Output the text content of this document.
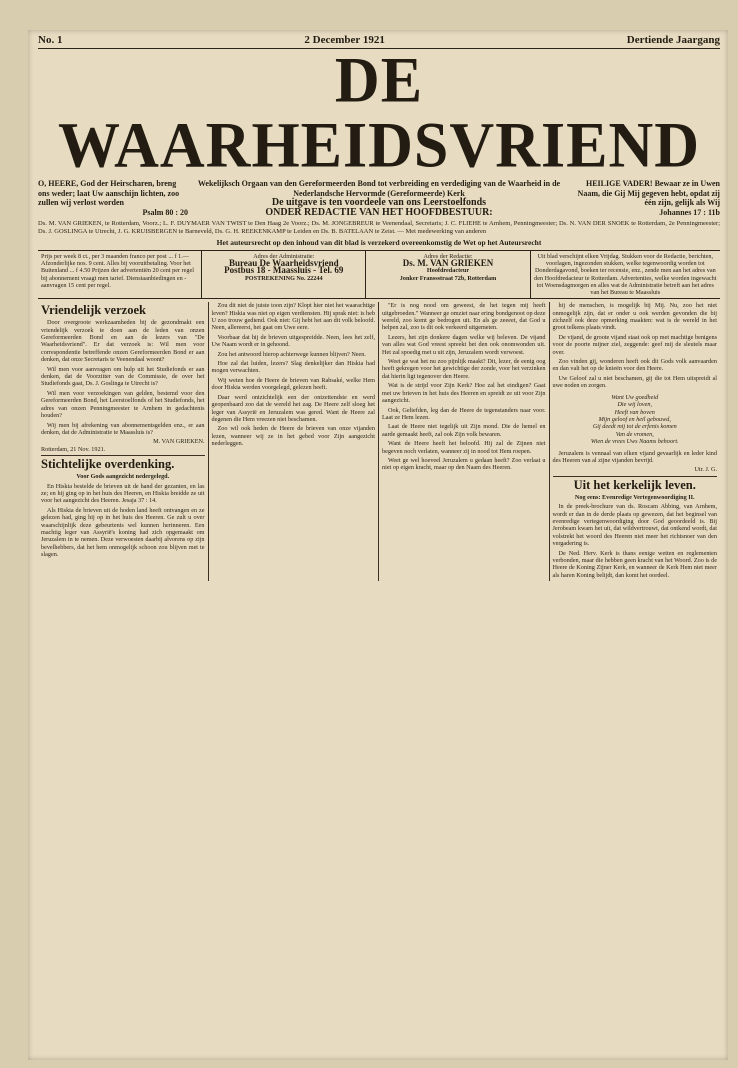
No. 1	2 December 1921	Dertiende Jaargang
DE WAARHEIDSVRIEND
O, HEERE, God der Heirscharen, breng ons weder; laat Uw aanschijn lichten, zoo zullen wij verlost worden
Psalm 80 : 20
Wekelijksch Orgaan van den Gereformeerden Bond tot verbreiding en verdediging van de Waarheid in de Nederlandsche Hervormde (Gereformeerde) Kerk
De uitgave is ten voordeele van ons Leerstoelfonds
ONDER REDACTIE VAN HET HOOFDBESTUUR:
HEILIGE VADER! Bewaar ze in Uwen Naam, die Gij Mij gegeven hebt, opdat zij één zijn, gelijk als Wij
Johannes 17 : 11b
Ds. M. VAN GRIEKEN, te Rotterdam, Voorz.; L. F. DUYMAER VAN TWIST te Den Haag 2e Voorz.; Ds. M. JONGEBREUR te Veenendaal, Secretaris; J. C. FLIEHE te Arnhem, Penningmeester; Ds. N. VAN DER SNOEK te Rotterdam, 2e Penningmeester; Ds. J. GOSLINGA te Utrecht, J. G. KRUISBERGEN te Barneveld, Ds. G. H. REEKENKAMP te Leiden en Ds. B. BATELAAN te Zeist. — Met medewerking van anderen
Het auteursrecht op den inhoud van dit blad is verzekerd overeenkomstig de Wet op het Auteursrecht
Prijs per week 8 ct., per 3 maanden franco per post ... f 1.— Afzonderlijke nos. 9 cent. Alles bij vooruitbetaling. Voor het Buitenland ... f 4.50 Prijzen der advertentiën 20 cent per regel bij abonnement vraagt men tarief. Dienstaanbiedingen en -aanvragen 15 cent per regel.
Adres der Administratie:
Bureau De Waarheidsvriend
Postbus 18 - Maassluis - Tel. 69
POSTREKENING No. 22244
Adres der Redactie:
Ds. M. VAN GRIEKEN
Hoofdredacteur
Jonker Franssstraat 72b, Rotterdam
Uit blad verschijnt elken Vrijdag. Stukken voor de Redactie, berichten, voorlagen, ingezonden stukken, welke tegenwoordig worden tot Donderdagavond, boeken ter recensie, enz., zende men aan het adres van den Hoofdredacteur te Rotterdam. Advertenties, welke worden ingewacht tot Woensdagmorgen en alles wat de Administratie betreft aan het adres van het Bureau te Maassluis
Vriendelijk verzoek

Door overgroote werkzaamheden bij de gezondmakt een vriendelijk verzoek te doen aan de leden van onzen Gereformeerden Bond en aan de lezers van "De Waarheidsvriend". Er dat verzoek is: Wil men voor correspondentie betreffende onzen Gereformeerden Bond er aan denken, dat onze Secretaris te Veenendaal woont?

Wil men voor aanvragen om hulp uit het Studiefonds er aan denken, dat de Voorzitter van de Commissie, de over het Studiefonds gaat, Ds. J. Goslinga te Utrecht is?

Wil men voor verzoekingen van gelden, bestemd voor den Gereformeerden Bond, het Leerstoelfonds of het Studiefonds, het adres van onzen Penningmeester te Arnhem in gedachtenis houden?

Wij men bij afrekening van abonnementsgelden enz., er aan denken, dat de Administratie te Maassluis is?

M. VAN GRIEKEN.
Rotterdam, 21 Nov. 1921.
Stichtelijke overdenking.
Voor Gods aangezicht nedergelegd.

En Hiskia bestelde de brieven uit de hand der gezanten, en las ze; en hij ging op in het huis des Heeren, en Hiskia breidde ze uit voor het aangezicht des Heeren. Jesaja 37 : 14.

Als Hiskia de brieven uit de hoden land heeft ontvangen en ze gelezen had, ging hij op in het huis des Heeren. Ge zult u over waarschijnlijk deze gebeurtenis wel kunnen herinneren. Een machtig leger van Assyrië's koning had zich opgemaakt om Jeruzalem in te nemen. Deze verwoesten daarbij alvorens op zijn bevelhebbers, dat het hem onmogelijk schoon zou blijven met te slagen.

Zou dit niet de juiste toon zijn? Klopt hier niet het waarachtige leven? Hiskia was niet op eigen verdiensten. Hij sprak niet: is heb U zoo trouw gediend. Ook niet: Gij hebt het aan dit volk beloofd. Neen, allereerst, het gaat om Uwe eere.

Voorbaar dat hij de brieven uitgespreidde. Neen, lees het zelf, Uw Naam wordt er in gehoond.

Zou het antwoord hierop achterwege kunnen blijven? Neen.

Hoe zal dat luiden, lezers? Slag denkelijker dan Hiskia had mogen verwachten.

Wij weten hoe de Heere de brieven van Rabsaké, welke Hem door Hiskia werden voorgelegd, gelezen heeft.

Daar werd ontzichtelijk een der ontzettendste en werd geopenbaard zoo dat de wereld het zag. De Heere zelf sloeg het leger van Assyrië en Jeruzalem was gered. Want de Heere zal degenen die Hem vreezen niet beschamen.

Zoo wil ook heden de Heere de brieven van onze vijanden lezen, wanneer wij ze in het gebed voor Zijn aangezicht nederleggen.

"Er is nog nood om geweest, de het tegen mij heeft uitgebroeden." Wanneer ge omziet naar ering bondgenoot op deze wereld, zoo komt ge bedrogen uit. En als ge zeeeet, dat God u helpen zal, zoo is dit ook verkeerd uitgemeten.

Lezers, het zijn donkere dagen welke wij beleven. De vijand van alles wat God vreest spreekt het den ook onomwonden uit. Het zal spoedig met u uit zijn, Jeruzalem wordt verwoest.

Weet ge wat het nu zoo pijnlijk maakt? Dit, lezer, de eenig oog heeft gekregen voor het gewichtige der zonde, voor het verzinken dat hierin ligt tegenover den Heere.

Wat is de strijd voor Zijn Kerk? Hoe zal het eindigen? Gaat met uw brieven in het huis des Heeren en spreidt ze uit voor Zijn aangezicht.

Ook, Geliefden, leg dan de Heere de tegenstanders naar voor. Laat ze Hem lezen.

Laat de Heere niet tegelijk uit Zijn mond. Die de hemel en aarde gemaakt heeft, zal ook Zijn volk bewaren.

Want de Heere heeft het beloofd. Hij zal de Zijnen niet begeven noch verlaten, wanneer zij in nood tot Hem roepen.

Weet ge wel hoeveel Jeruzalem u gedaan heeft? Zoo verlaat u niet op eigen kracht, maar op den Naam des Heeren.

hij de menschen, is mogelijk bij Mij. Nu, zoo het niet onmogelijk zijn, dat er onder u ook werden gevonden die bij zichzelf ook deze opmerking maakten: wat is de wereld in het groot telkens plaats vindt.

De vijand, de groote vijand staat ook op met machtige benigens voor de poorte mijner ziel, zeggende: geef mij de sleutels maar over.

Zoo vinden gij, wonderen heeft ook dit Gods volk aanvaarden en dan valt het op de knieën voor den Heere.

Uw Geloof zal u niet beschamen, gij die tot Hem uitspreidt al uwe noden en zorgen.

Want Uw goedheid
Die wij loven,
Heeft van boven
Mijn geloof en heil gebouwd,
Gij deedt mij tot de erfenis komen
Van de vromen,
Wien de vrees Uws Naams behoort.

Jeruzalem is vennaal van elken vijand gevaarlijk en leder kind des Heeren van al zijne vijanden bevrijd.

Utr. J. G.
Uit het kerkelijk leven.
Nog eens: Evenredige Vertegenwoordiging II.

In de preek-brochure van ds. Roscam Abbing, van Arnhem, wordt er dan in de derde plaats op gewezen, dat het beginsel van evenredige vertegenwoordiging door God geoordeeld is. Bij Jerobeam kwam het uit, dat wildvertrouwt, dat ontkend wordt, dat volstrekt het woord des Heeren niet meer het richtsnoer van den vergadering is.

De Ned. Herv. Kerk is thans eenige wetten en reglementen verbonden, maar die hebben geen kracht van het Woord. Zoo is de Heere de Koning Zijner Kerk, en wanneer de Kerk Hem niet meer als haren Koning belijdt, dan komt het oordeel.
